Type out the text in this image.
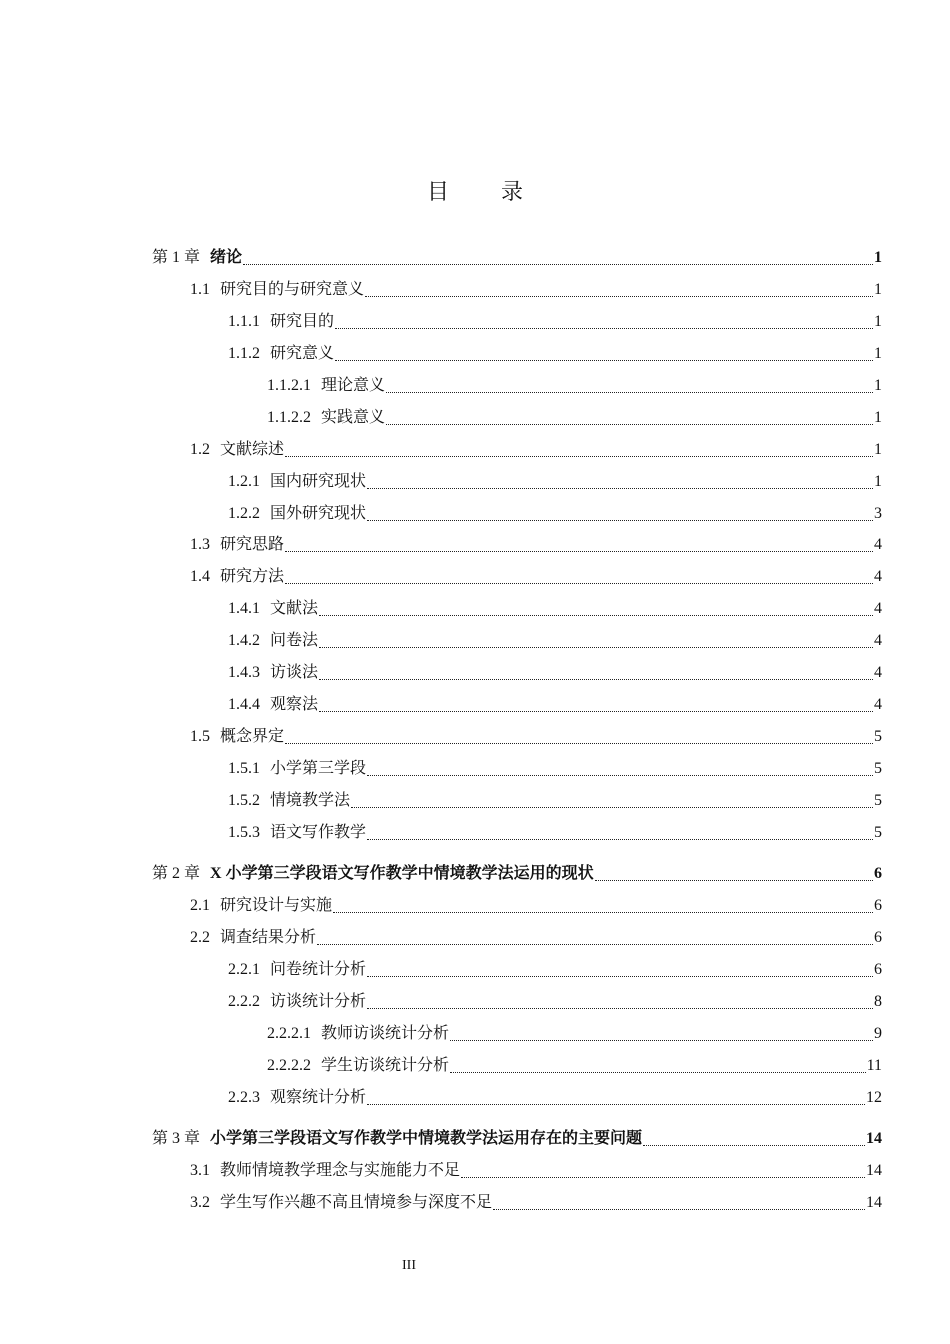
目 录
第 1 章 绪论	1
1.1 研究目的与研究意义	1
1.1.1 研究目的	1
1.1.2 研究意义	1
1.1.2.1 理论意义	1
1.1.2.2 实践意义	1
1.2 文献综述	1
1.2.1 国内研究现状	1
1.2.2 国外研究现状	3
1.3 研究思路	4
1.4 研究方法	4
1.4.1 文献法	4
1.4.2 问卷法	4
1.4.3 访谈法	4
1.4.4 观察法	4
1.5 概念界定	5
1.5.1 小学第三学段	5
1.5.2 情境教学法	5
1.5.3 语文写作教学	5
第 2 章 X 小学第三学段语文写作教学中情境教学法运用的现状	6
2.1 研究设计与实施	6
2.2 调查结果分析	6
2.2.1 问卷统计分析	6
2.2.2 访谈统计分析	8
2.2.2.1 教师访谈统计分析	9
2.2.2.2 学生访谈统计分析	11
2.2.3 观察统计分析	12
第 3 章 小学第三学段语文写作教学中情境教学法运用存在的主要问题	14
3.1 教师情境教学理念与实施能力不足	14
3.2 学生写作兴趣不高且情境参与深度不足	14
III
